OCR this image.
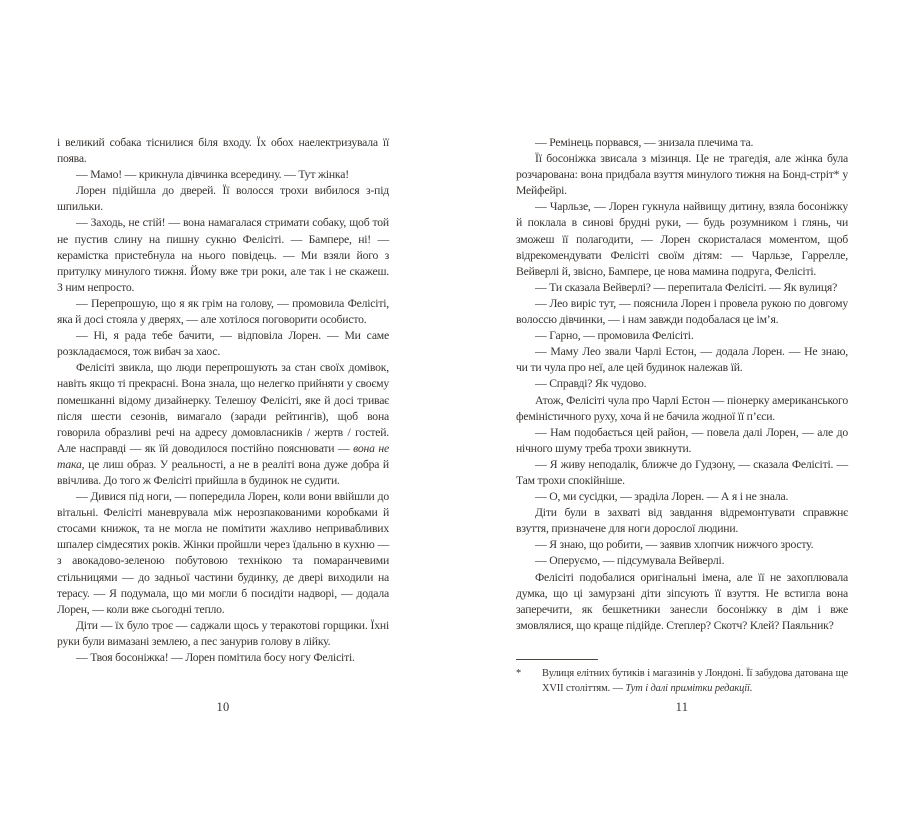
і великий собака тіснилися біля входу. Їх обох наелектризувала її поява.

— Мамо! — крикнула дівчинка всередину. — Тут жінка!

Лорен підійшла до дверей. Її волосся трохи вибилося з-під шпильки.

— Заходь, не стій! — вона намагалася стримати собаку, щоб той не пустив слину на пишну сукню Фелісіті. — Бампере, ні! — керамістка пристебнула на нього повідець. — Ми взяли його з притулку минулого тижня. Йому вже три роки, але так і не скажеш. З ним непросто.

— Перепрошую, що я як грім на голову, — промовила Фелісіті, яка й досі стояла у дверях, — але хотілося поговорити особисто.

— Ні, я рада тебе бачити, — відповіла Лорен. — Ми саме розкладаємося, тож вибач за хаос.

Фелісіті звикла, що люди перепрошують за стан своїх домівок, навіть якщо ті прекрасні. Вона знала, що нелегко прийняти у своєму помешканні відому дизайнерку. Телешоу Фелісіті, яке й досі триває після шести сезонів, вимагало (заради рейтингів), щоб вона говорила образливі речі на адресу домовласників / жертв / гостей. Але насправді — як їй доводилося постійно пояснювати — вона не така, це лиш образ. У реальності, а не в реаліті вона дуже добра й ввічлива. До того ж Фелісіті прийшла в будинок не судити.

— Дивися під ноги, — попередила Лорен, коли вони ввійшли до вітальні. Фелісіті маневрувала між нерозпакованими коробками й стосами книжок, та не могла не помітити жахливо непривабливих шпалер сімдесятих років. Жінки пройшли через їдальню в кухню — з авокадово-зеленою побутовою технікою та помаранчевими стільницями — до задньої частини будинку, де двері виходили на терасу. — Я подумала, що ми могли б посидіти надворі, — додала Лорен, — коли вже сьогодні тепло.

Діти — їх було троє — саджали щось у теракотові горщики. Їхні руки були вимазані землею, а пес занурив голову в лійку.

— Твоя босоніжка! — Лорен помітила босу ногу Фелісіті.

— Ремінець порвався, — знизала плечима та.

Її босоніжка звисала з мізинця. Це не трагедія, але жінка була розчарована: вона придбала взуття минулого тижня на Бонд-стріт* у Мейфейрі.

— Чарльзе, — Лорен гукнула найвищу дитину, взяла босоніжку й поклала в синові брудні руки, — будь розумником і глянь, чи зможеш її полагодити, — Лорен скористалася моментом, щоб відрекомендувати Фелісіті своїм дітям: — Чарльзе, Гаррелле, Вейверлі й, звісно, Бампере, це нова мамина подруга, Фелісіті.

— Ти сказала Вейверлі? — перепитала Фелісіті. — Як вулиця?

— Лео виріс тут, — пояснила Лорен і провела рукою по довгому волоссю дівчинки, — і нам завжди подобалася це ім’я.

— Гарно, — промовила Фелісіті.

— Маму Лео звали Чарлі Естон, — додала Лорен. — Не знаю, чи ти чула про неї, але цей будинок належав їй.

— Справді? Як чудово.

Атож, Фелісіті чула про Чарлі Естон — піонерку американського феміністичного руху, хоча й не бачила жодної її п’єси.

— Нам подобається цей район, — повела далі Лорен, — але до нічного шуму треба трохи звикнути.

— Я живу неподалік, ближче до Гудзону, — сказала Фелісіті. — Там трохи спокійніше.

— О, ми сусідки, — зраділа Лорен. — А я і не знала.

Діти були в захваті від завдання відремонтувати справжнє взуття, призначене для ноги дорослої людини.

— Я знаю, що робити, — заявив хлопчик нижчого зросту.

— Оперуємо, — підсумувала Вейверлі.

Фелісіті подобалися оригінальні імена, але її не захоплювала думка, що ці замурзані діти зіпсують її взуття. Не встигла вона заперечити, як бешкетники занесли босоніжку в дім і вже змовлялися, що краще підійде. Степлер? Скотч? Клей? Паяльник?

* Вулиця елітних бутиків і магазинів у Лондоні. Її забудова датована ще XVII століттям. — Тут і далі примітки редакції.
10	11
